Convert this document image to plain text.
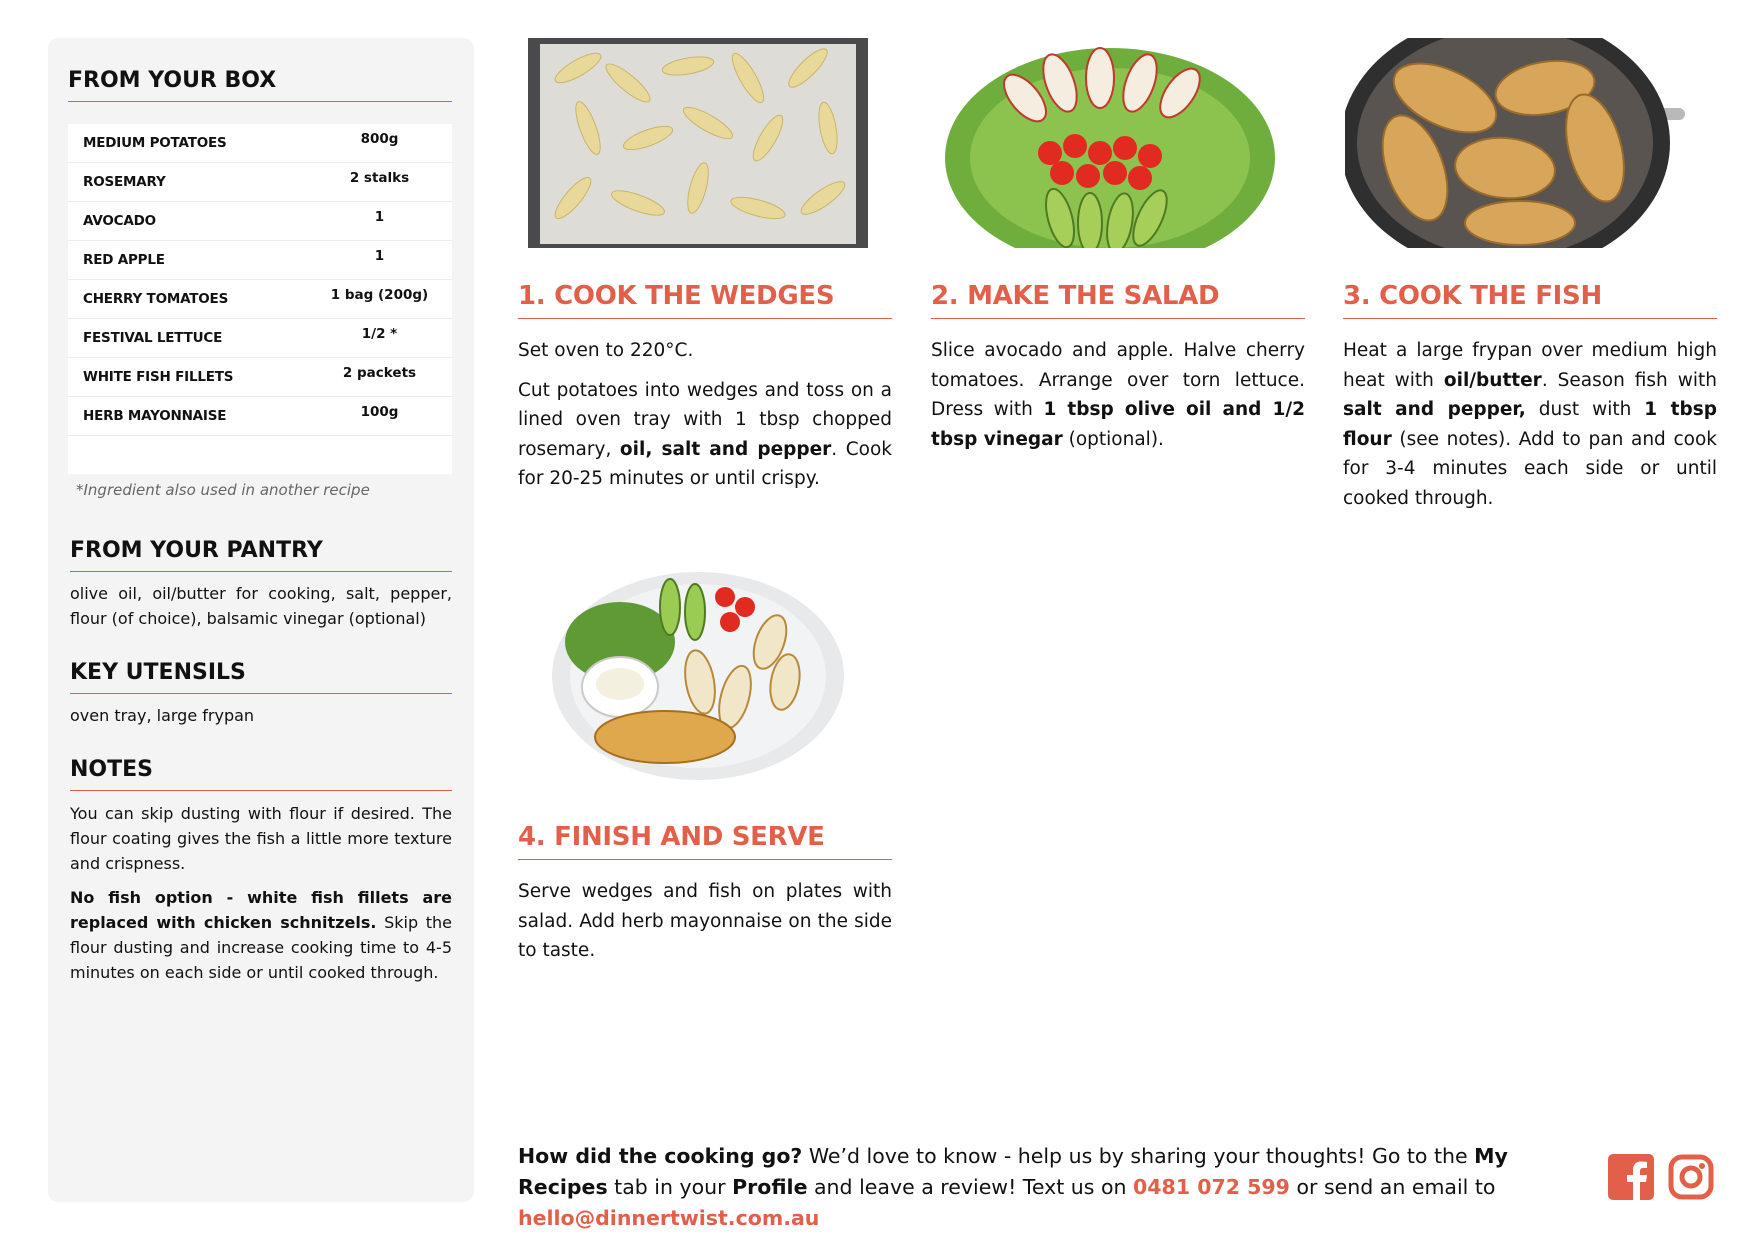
FROM YOUR BOX
MEDIUM POTATOES	800g
ROSEMARY	2 stalks
AVOCADO	1
RED APPLE	1
CHERRY TOMATOES	1 bag (200g)
FESTIVAL LETTUCE	1/2 *
WHITE FISH FILLETS	2 packets
HERB MAYONNAISE	100g
*Ingredient also used in another recipe
FROM YOUR PANTRY
olive oil, oil/butter for cooking, salt, pepper, flour (of choice), balsamic vinegar (optional)
KEY UTENSILS
oven tray, large frypan
NOTES
You can skip dusting with flour if desired. The flour coating gives the fish a little more texture and crispness.
No fish option - white fish fillets are replaced with chicken schnitzels. Skip the flour dusting and increase cooking time to 4-5 minutes on each side or until cooked through.
1. COOK THE WEDGES	2. MAKE THE SALAD	3. COOK THE FISH
4. FINISH AND SERVE

Set oven to 220°C.

Cut potatoes into wedges and toss on a lined oven tray with 1 tbsp chopped rosemary, oil, salt and pepper. Cook for 20-25 minutes or until crispy.

Slice avocado and apple. Halve cherry tomatoes. Arrange over torn lettuce. Dress with 1 tbsp olive oil and 1/2 tbsp vinegar (optional).

Heat a large frypan over medium high heat with oil/butter. Season fish with salt and pepper, dust with 1 tbsp flour (see notes). Add to pan and cook for 3-4 minutes each side or until cooked through.

Serve wedges and fish on plates with salad. Add herb mayonnaise on the side to taste.

How did the cooking go? We’d love to know - help us by sharing your thoughts! Go to the My Recipes tab in your Profile and leave a review! Text us on 0481 072 599 or send an email to hello@dinnertwist.com.au
